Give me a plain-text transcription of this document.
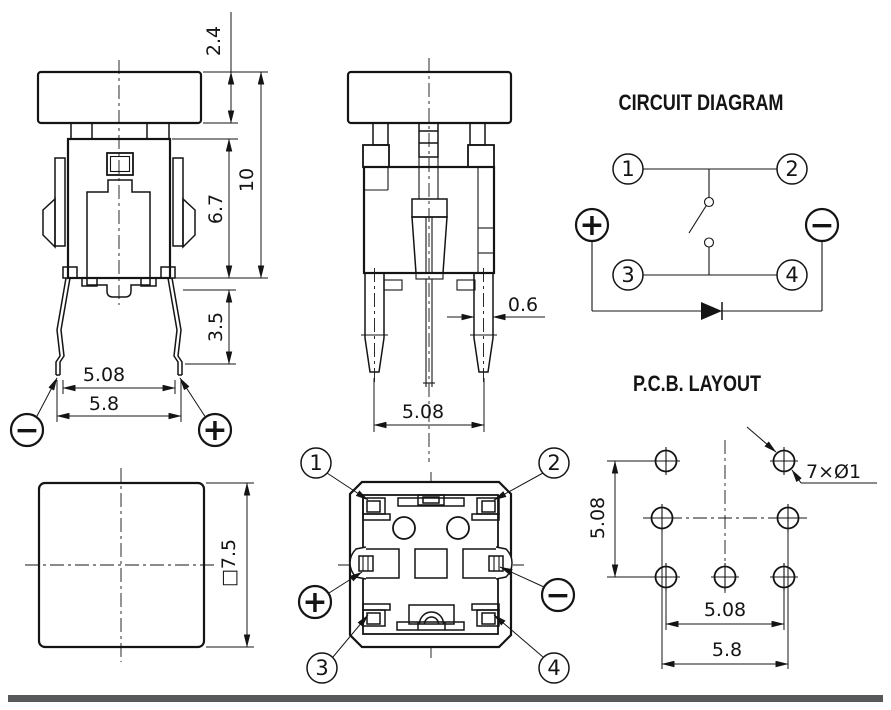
2.4
10
6.7
3.5
5.08
5.8
−	+
0.6
5.08
□7.5
1	2
3	4
+	−
CIRCUIT DIAGRAM
1	2
3	4
+	−
P.C.B. LAYOUT
5.08
5.08
5.8
7×Ø1
